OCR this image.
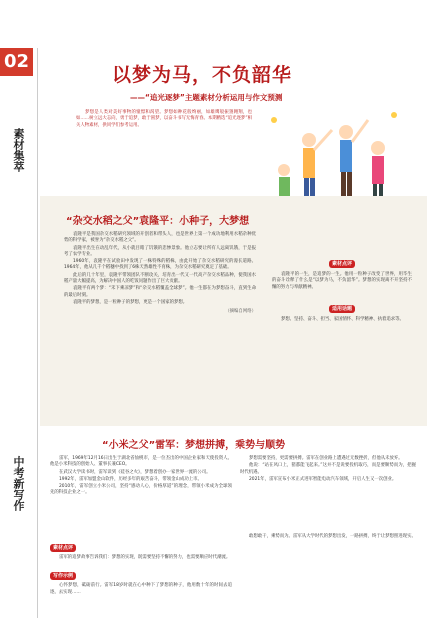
02
素材集萃
中考新写作
以梦为马，不负韶华
——“追光逐梦”主题素材分析运用与作文预测

梦想是人类对美好事物的憧憬和渴望。梦想如种花般绚丽，如雄鹰般振翅翱翔，也如……树立远大志向，勇于追梦，敢于圆梦，以奋斗书写无悔青春。本期精选“追光逐梦”相关人物素材，供同学们参考运用。

“杂交水稻之父”袁隆平：小种子，大梦想

袁隆平是我国杂交水稻研究领域的开创者和带头人，也是世界上第一个成功地利用水稻杂种优势的科学家，被誉为“杂交水稻之父”。

袁隆平出生在动乱年代，从小就目睹了饥饿的悲惨景象。他立志要让所有人远离饥饿，于是报考了农学专业。

1960年，袁隆平在试验田中发现了一株特殊的稻株，由此开始了杂交水稻研究的漫长道路。1964年，他从几千个稻穗中找到了6株天然雄性不育株，为杂交水稻研究奠定了基础。

此后的几十年里，袁隆平带领团队不断攻关，培育出一代又一代高产杂交水稻品种，使我国水稻产量大幅提高，为解决中国人的吃饭问题作出了巨大贡献。

袁隆平有两个梦：“禾下乘凉梦”和“杂交水稻覆盖全球梦”。他一生都在为梦想奋斗，直到生命的最后时刻。

袁隆平的梦想，是一粒种子的梦想，更是一个国家的梦想。

（摘编自网络）
素材点评

袁隆平的一生，是追梦的一生。他用一粒种子改变了世界，用毕生的奋斗诠释了什么是“以梦为马，不负韶华”。梦想的实现离不开坚持不懈的努力与奉献精神。

适用话题

梦想、坚持、奋斗、担当、家国情怀、科学精神、执着追求等。

“小米之父”雷军：梦想拼搏，乘势与顺势

雷军，1969年12月16日出生于湖北省仙桃市，是一位杰出的中国企业家和天使投资人。他是小米科技的创始人、董事长兼CEO。

在武汉大学读书时，雷军读到《硅谷之火》，梦想着创办一家世界一流的公司。

1992年，雷军加盟金山软件，历经多年的艰苦奋斗，带领金山成功上市。

2010年，雷军创立小米公司，坚持“感动人心，价格厚道”的理念，带领小米成为全球领先的科技企业之一。

梦想需要坚持，更需要拼搏。雷军在创业路上遭遇过无数挫折，但他从未放弃。

他说：“站在风口上，猪都能飞起来。”这并不是说要投机取巧，而是要顺势而为，把握时代机遇。

2021年，雷军宣布小米正式进军智能电动汽车领域，开启人生又一次创业。

素材点评

雷军的追梦故事告诉我们：梦想的实现，既需要坚持不懈的努力，也需要顺应时代潮流。

写作示例

心怀梦想，砥砺前行。雷军18岁时就在心中种下了梦想的种子，他用数十年的时间去追逐、去实现……

敢想敢干，乘势而为。雷军从大学时代的梦想出发，一路拼搏，终于让梦想照进现实。
